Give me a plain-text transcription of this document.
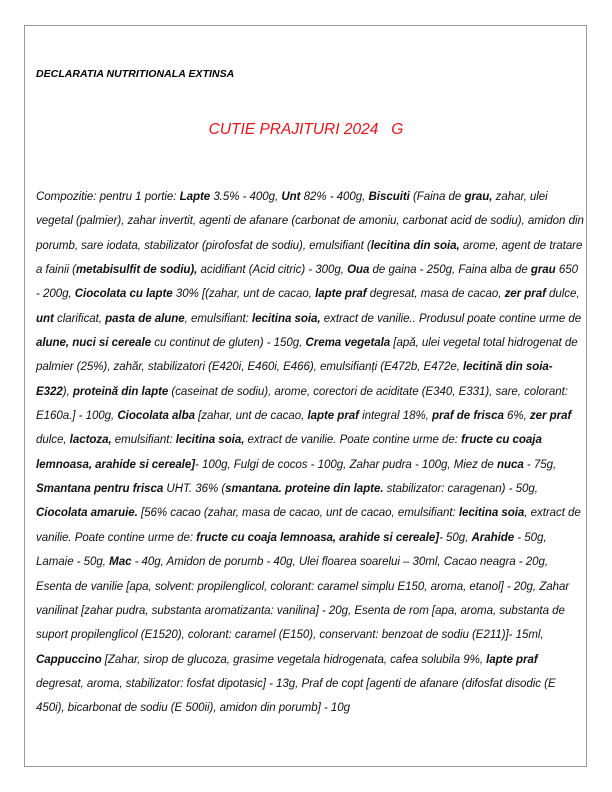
DECLARATIA NUTRITIONALA EXTINSA
CUTIE PRAJITURI 2024   G
Compozitie: pentru 1 portie: Lapte 3.5% - 400g, Unt 82% - 400g, Biscuiti (Faina de grau, zahar, ulei vegetal (palmier), zahar invertit, agenti de afanare (carbonat de amoniu, carbonat acid de sodiu), amidon din porumb, sare iodata, stabilizator (pirofosfat de sodiu), emulsifiant (lecitina din soia, arome, agent de tratare a fainii (metabisulfit de sodiu), acidifiant (Acid citric) - 300g, Oua de gaina - 250g, Faina alba de grau 650 - 200g, Ciocolata cu lapte 30% [(zahar, unt de cacao, lapte praf degresat, masa de cacao, zer praf dulce, unt clarificat, pasta de alune, emulsifiant: lecitina soia, extract de vanilie.. Produsul poate contine urme de alune, nuci si cereale cu continut de gluten) - 150g, Crema vegetala [apă, ulei vegetal total hidrogenat de palmier (25%), zahăr, stabilizatori (E420i, E460i, E466), emulsifianți (E472b, E472e, lecitină din soia-E322), proteină din lapte (caseinat de sodiu), arome, corectori de aciditate (E340, E331), sare, colorant: E160a.] - 100g, Ciocolata alba [zahar, unt de cacao, lapte praf integral 18%, praf de frisca 6%, zer praf dulce, lactoza, emulsifiant: lecitina soia, extract de vanilie. Poate contine urme de: fructe cu coaja lemnoasa, arahide si cereale]- 100g, Fulgi de cocos - 100g, Zahar pudra - 100g, Miez de nuca - 75g, Smantana pentru frisca UHT. 36% (smantana. proteine din lapte. stabilizator: caragenan) - 50g, Ciocolata amaruie. [56% cacao (zahar, masa de cacao, unt de cacao, emulsifiant: lecitina soia, extract de vanilie. Poate contine urme de: fructe cu coaja lemnoasa, arahide si cereale]- 50g, Arahide - 50g, Lamaie - 50g, Mac - 40g, Amidon de porumb - 40g, Ulei floarea soarelui – 30ml, Cacao neagra - 20g, Esenta de vanilie [apa, solvent: propilenglicol, colorant: caramel simplu E150, aroma, etanol] - 20g, Zahar vanilinat [zahar pudra, substanta aromatizanta: vanilina] - 20g, Esenta de rom [apa, aroma, substanta de suport propilenglicol (E1520), colorant: caramel (E150), conservant: benzoat de sodiu (E211)]- 15ml, Cappuccino [Zahar, sirop de glucoza, grasime vegetala hidrogenata, cafea solubila 9%, lapte praf degresat, aroma, stabilizator: fosfat dipotasic] - 13g, Praf de copt [agenti de afanare (difosfat disodic (E 450i), bicarbonat de sodiu (E 500ii), amidon din porumb] - 10g
